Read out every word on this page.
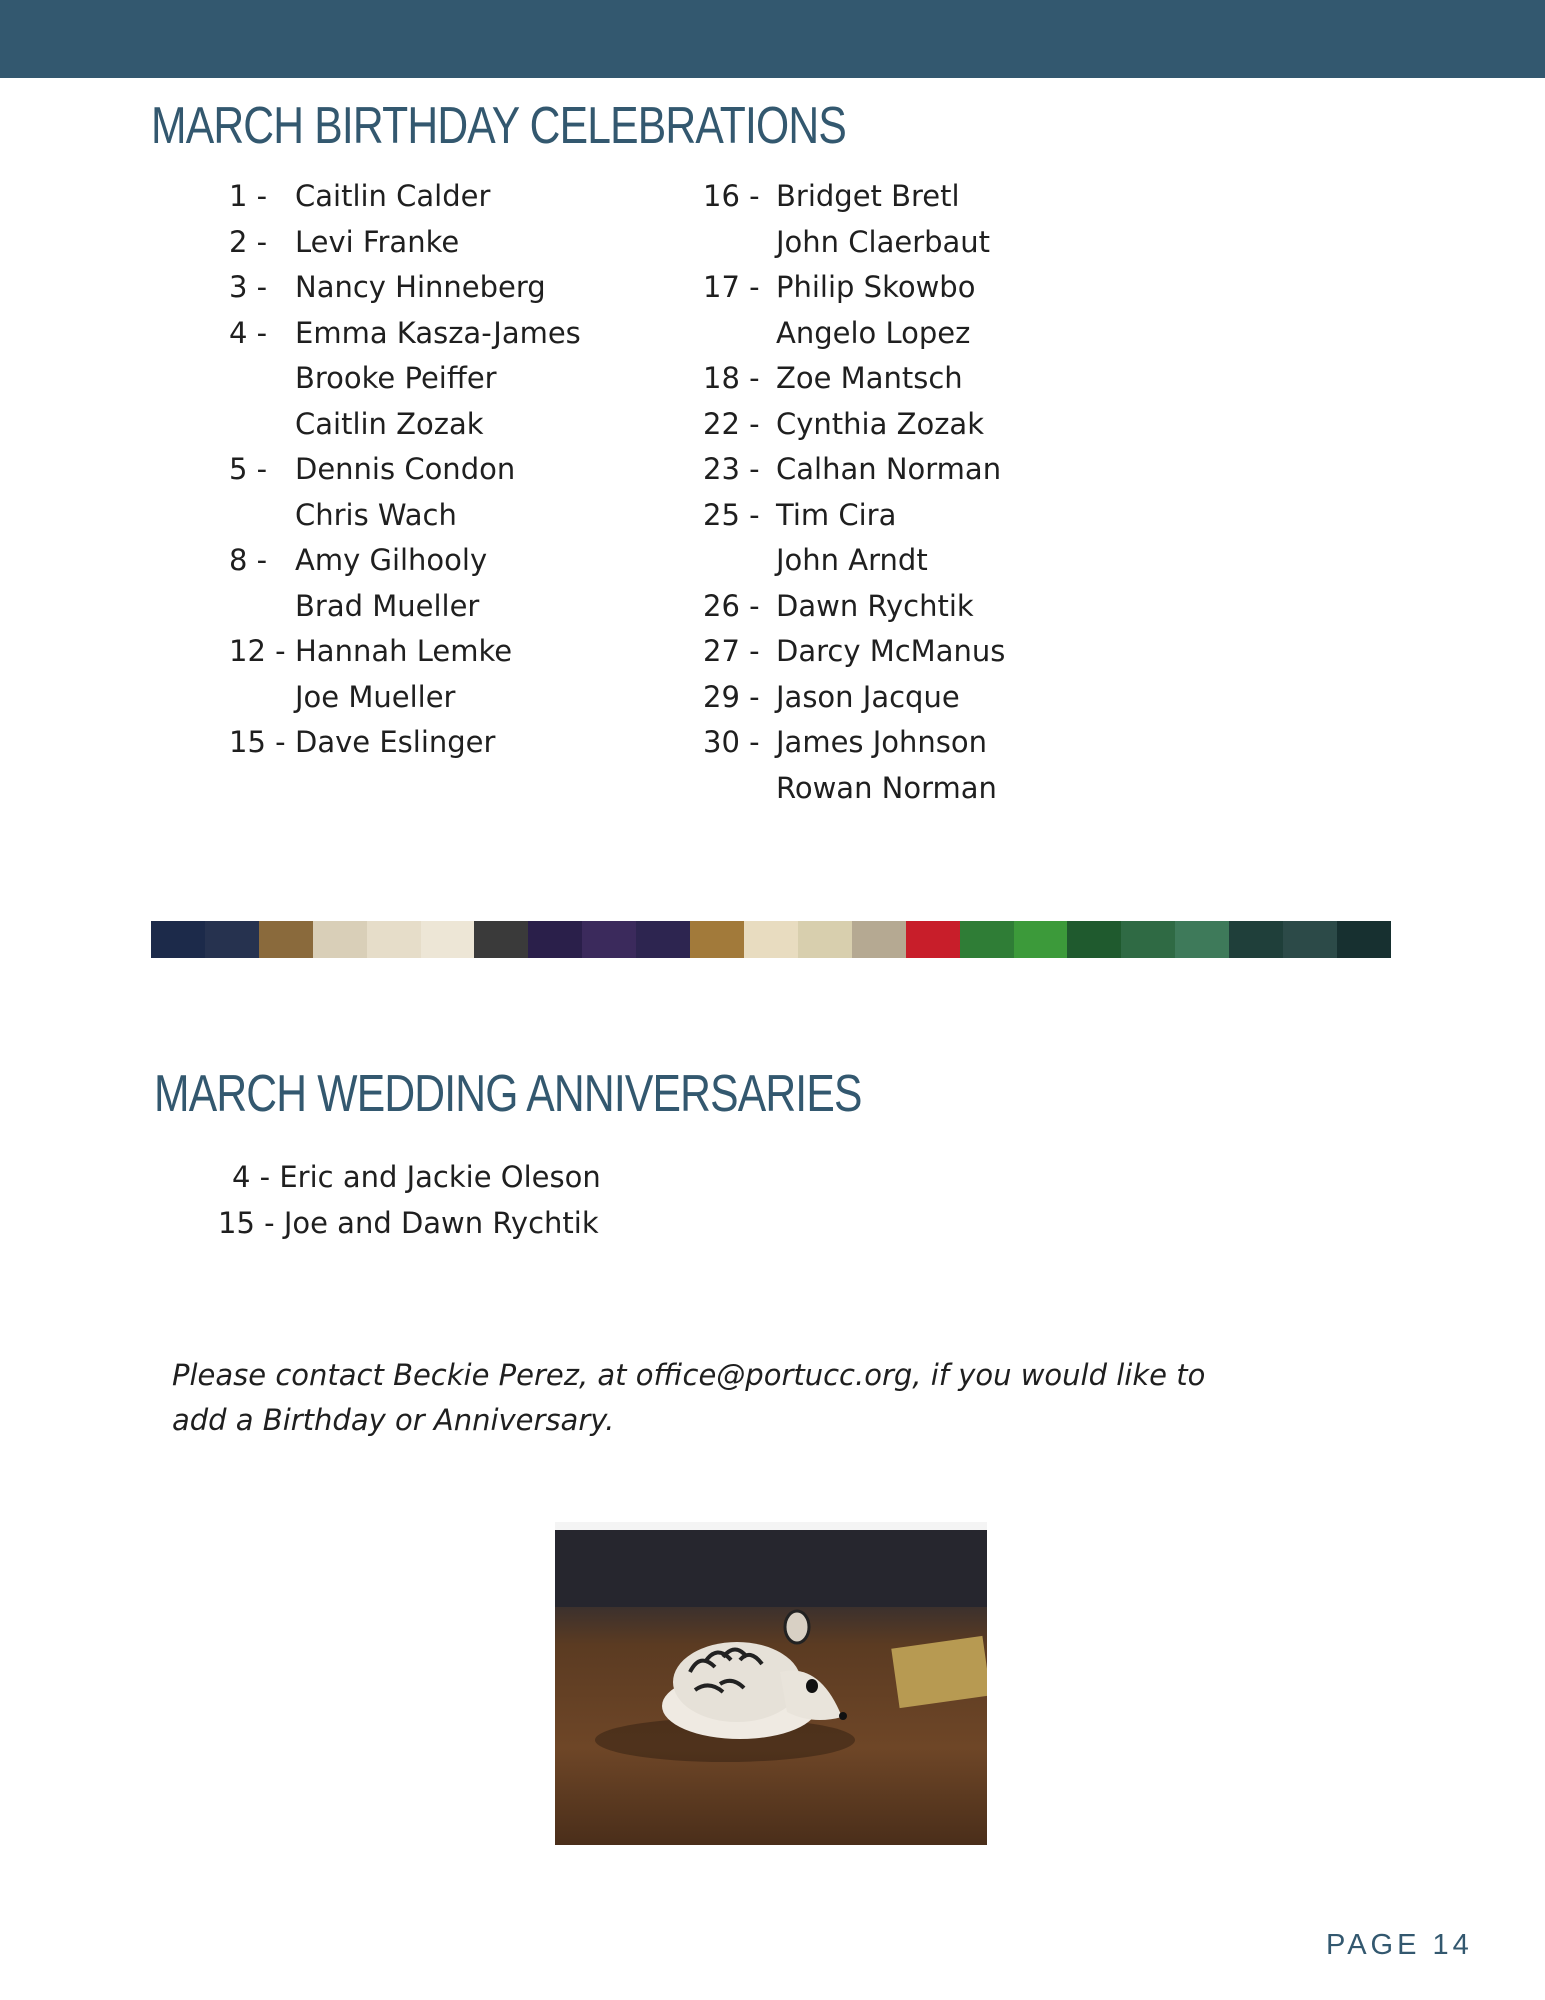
MARCH BIRTHDAY CELEBRATIONS
1 - Caitlin Calder
2 - Levi Franke
3 - Nancy Hinneberg
4 - Emma Kasza-James
Brooke Peiffer
Caitlin Zozak
5 - Dennis Condon
Chris Wach
8 - Amy Gilhooly
Brad Mueller
12 - Hannah Lemke
Joe Mueller
15 - Dave Eslinger
16 - Bridget Bretl
John Claerbaut
17 - Philip Skowbo
Angelo Lopez
18 - Zoe Mantsch
22 - Cynthia Zozak
23 - Calhan Norman
25 - Tim Cira
John Arndt
26 - Dawn Rychtik
27 - Darcy McManus
29 - Jason Jacque
30 - James Johnson
Rowan Norman
MARCH WEDDING ANNIVERSARIES
4 - Eric and Jackie Oleson
15 - Joe and Dawn Rychtik

Please contact Beckie Perez, at office@portucc.org, if you would like to add a Birthday or Anniversary.

PAGE 14
